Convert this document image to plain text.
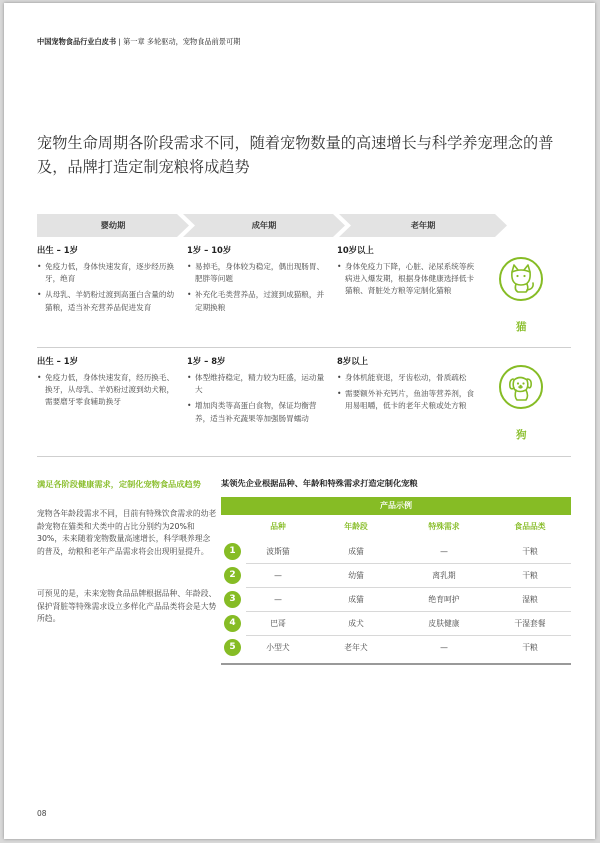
中国宠物食品行业白皮书 | 第一章 多轮驱动，宠物食品前景可期
宠物生命周期各阶段需求不同，随着宠物数量的高速增长与科学养宠理念的普及，品牌打造定制宠粮将成趋势
婴幼期	成年期	老年期
出生 – 1岁
• 免疫力低，身体快速发育，逐步经历换牙，绝育
• 从母乳、羊奶粉过渡到高蛋白含量的幼猫粮，适当补充营养品促进发育
1岁 – 10岁
• 易掉毛，身体较为稳定，偶出现肠胃、肥胖等问题
• 补充化毛类营养品，过渡到成猫粮，并定期换粮
10岁以上
• 身体免疫力下降，心脏、泌尿系统等疾病进入爆发期，根据身体健康选择低卡猫粮、肾脏处方粮等定制化猫粮
猫
出生 – 1岁
• 免疫力低，身体快速发育，经历换毛、换牙，从母乳、羊奶粉过渡到幼犬粮，需要磨牙零食辅助换牙
1岁 – 8岁
• 体型维持稳定，精力较为旺盛，运动量大
• 增加肉类等高蛋白食物，保证均衡营养，适当补充蔬果等加强肠胃蠕动
8岁以上
• 身体机能衰退，牙齿松动，骨质疏松
• 需要额外补充钙片，鱼油等营养剂，食用易咀嚼，低卡的老年犬粮或处方粮
狗
满足各阶段健康需求，定制化宠物食品成趋势
宠物各年龄段需求不同，目前有特殊饮食需求的幼老龄宠物在猫类和犬类中的占比分别约为20%和30%，未来随着宠物数量高速增长，科学喂养理念的普及，幼粮和老年产品需求将会出现明显提升。
可预见的是，未来宠物食品品牌根据品种、年龄段、保护肾脏等特殊需求设立多样化产品品类将会是大势所趋。
某领先企业根据品种、年龄和特殊需求打造定制化宠粮
产品示例
品种	年龄段	特殊需求	食品品类
1	波斯猫	成猫	—	干粮
2	—	幼猫	离乳期	干粮
3	—	成猫	绝育呵护	湿粮
4	巴哥	成犬	皮肤健康	干湿套餐
5	小型犬	老年犬	—	干粮
08
